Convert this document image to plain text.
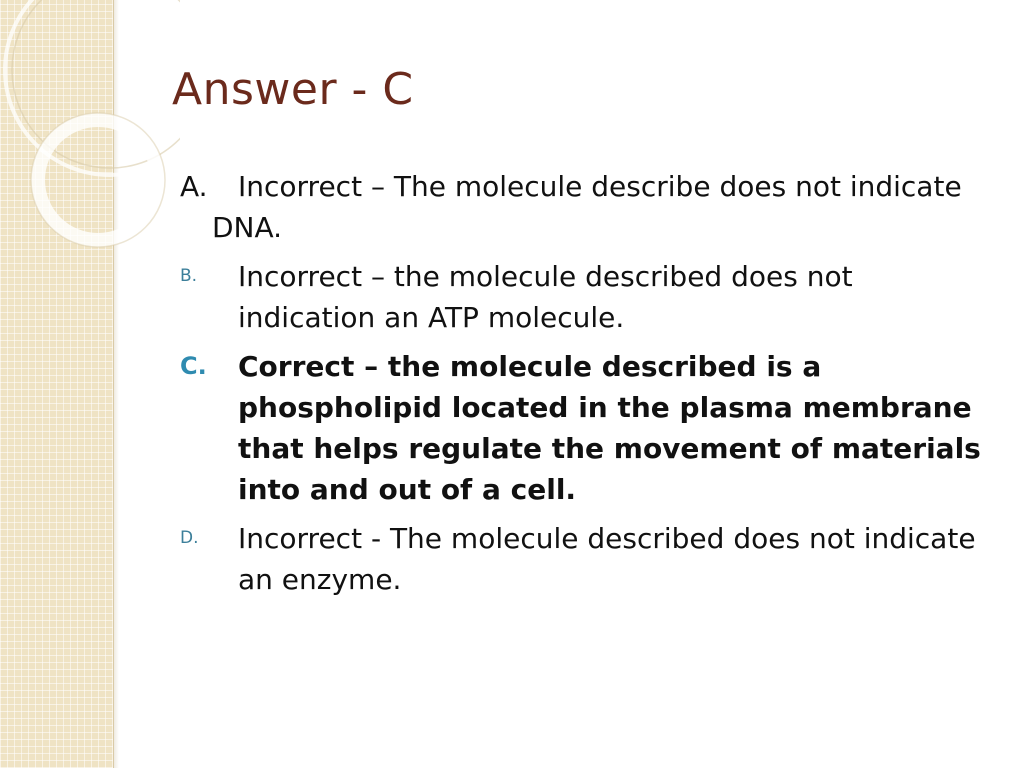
Answer - C
A. Incorrect – The molecule describe does not indicate DNA.
B. Incorrect – the molecule described does not indication an ATP molecule.
C. Correct – the molecule described is a phospholipid located in the plasma membrane that helps regulate the movement of materials into and out of a cell.
D. Incorrect - The molecule described does not indicate an enzyme.
